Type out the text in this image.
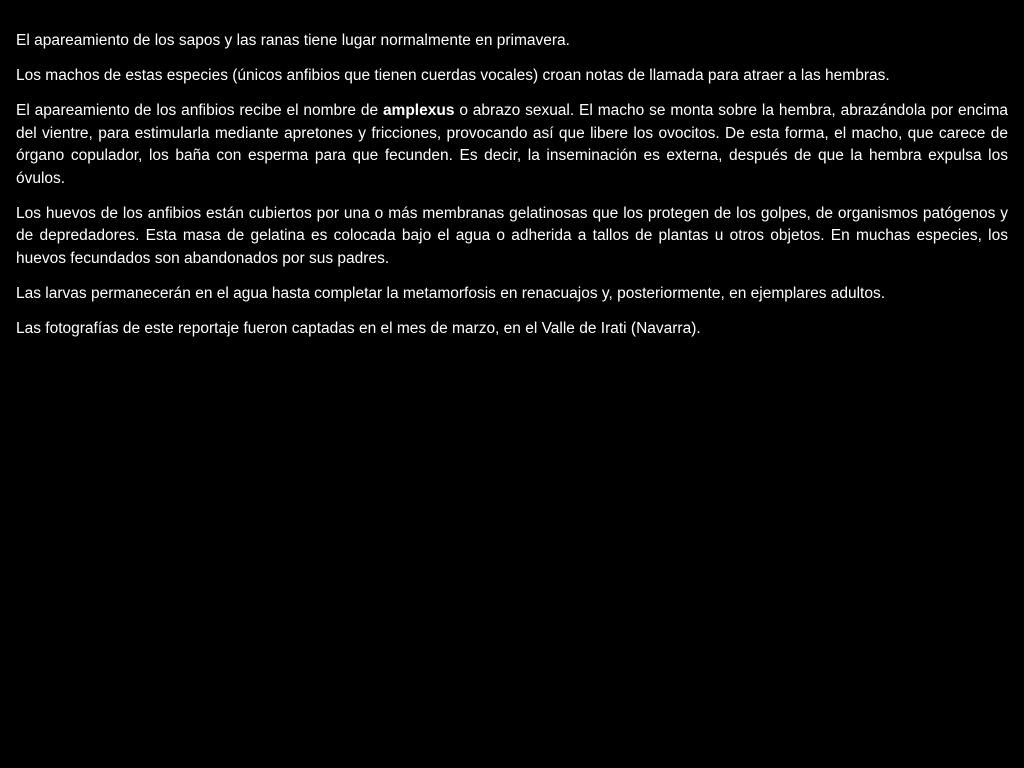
El apareamiento de los sapos y las ranas tiene lugar normalmente en primavera.

Los machos de estas especies (únicos anfibios que tienen cuerdas vocales) croan notas de llamada para atraer a las hembras.

El apareamiento de los anfibios recibe el nombre de amplexus o abrazo sexual. El macho se monta sobre la hembra, abrazándola por encima del vientre, para estimularla mediante apretones y fricciones, provocando así que libere los ovocitos. De esta forma, el macho, que carece de órgano copulador, los baña con esperma para que fecunden. Es decir, la inseminación es externa, después de que la hembra expulsa los óvulos.

Los huevos de los anfibios están cubiertos por una o más membranas gelatinosas que los protegen de los golpes, de organismos patógenos y de depredadores. Esta masa de gelatina es colocada bajo el agua o adherida a tallos de plantas u otros objetos. En muchas especies, los huevos fecundados son abandonados por sus padres.

Las larvas permanecerán en el agua hasta completar la metamorfosis en renacuajos y, posteriormente, en ejemplares adultos.

Las fotografías de este reportaje fueron captadas en el mes de marzo, en el Valle de Irati (Navarra).
